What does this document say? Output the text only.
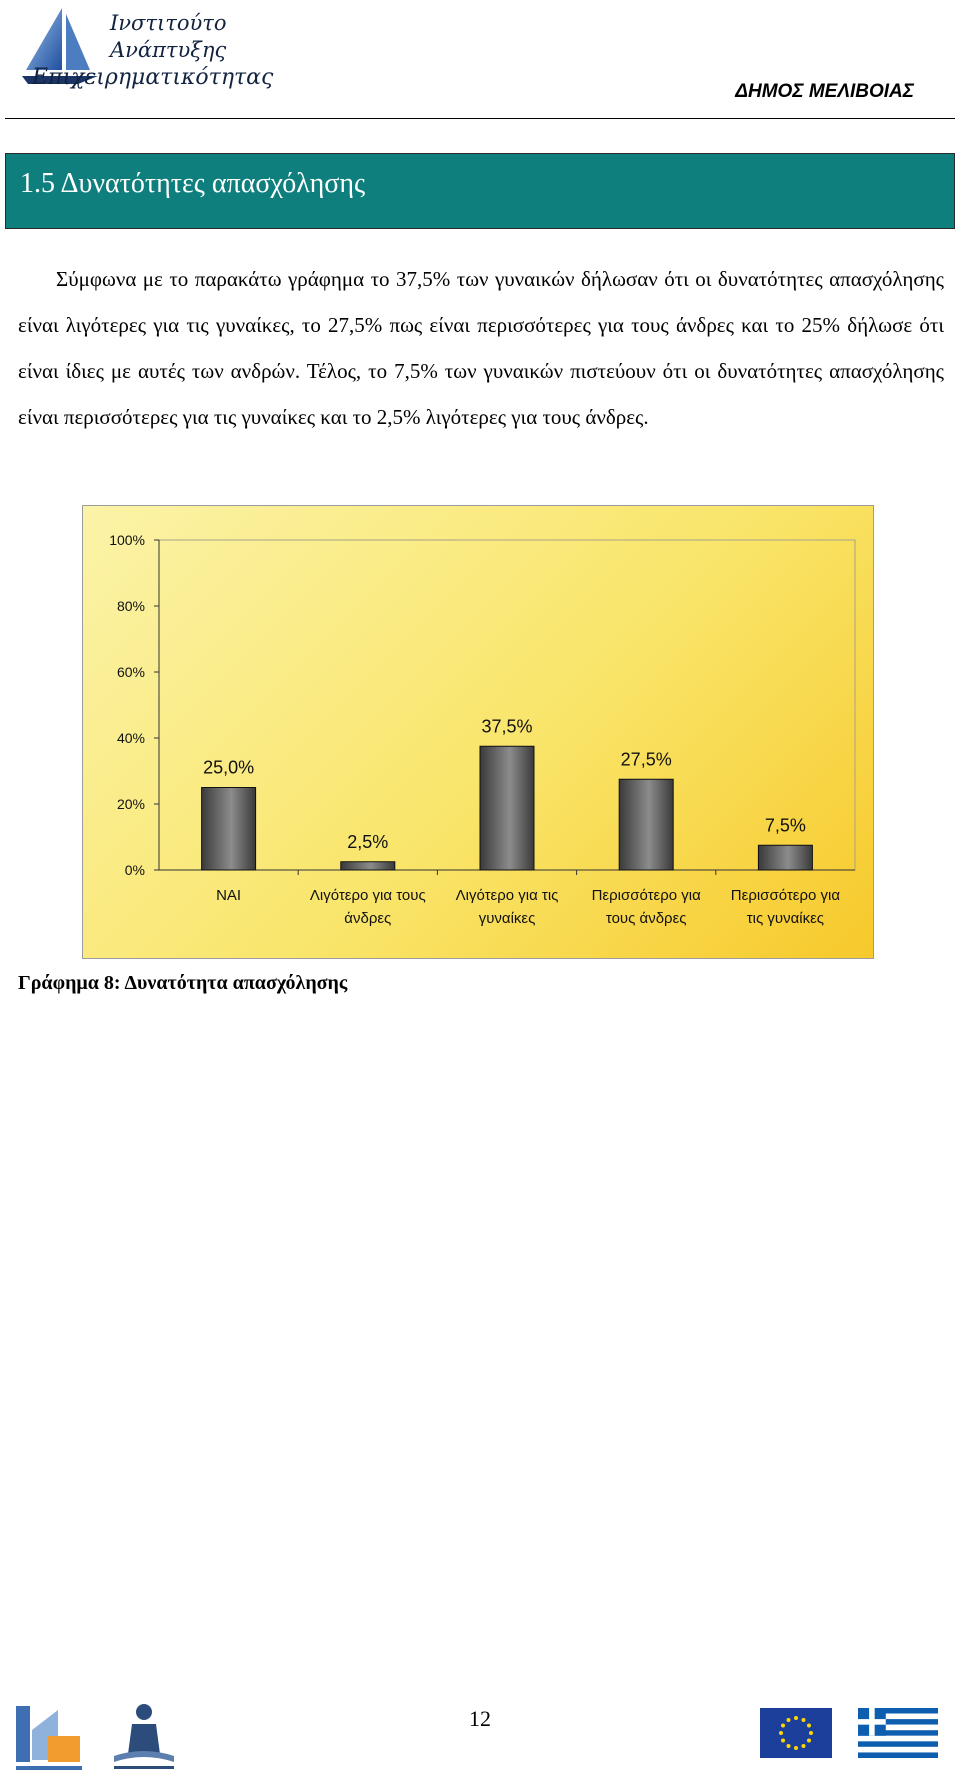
Ινστιτούτο
Ανάπτυξης
Επιχειρηματικότητας
ΔΗΜΟΣ ΜΕΛΙΒΟΙΑΣ
1.5 Δυνατότητες απασχόλησης

Σύμφωνα με το παρακάτω γράφημα το 37,5% των γυναικών δήλωσαν ότι οι δυνατότητες απασχόλησης είναι λιγότερες για τις γυναίκες, το 27,5% πως είναι περισσότερες για τους άνδρες και το 25% δήλωσε ότι είναι ίδιες με αυτές των ανδρών. Τέλος, το 7,5% των γυναικών πιστεύουν ότι οι δυνατότητες απασχόλησης είναι περισσότερες για τις γυναίκες και το 2,5% λιγότερες για τους άνδρες.

0%
20%
40%
60%
80%
100%
25,0%
ΝΑΙ
2,5%
Λιγότερο για τους
άνδρες
37,5%
Λιγότερο για τις
γυναίκες
27,5%
Περισσότερο για
τους άνδρες
7,5%
Περισσότερο για
τις γυναίκες
Γράφημα 8: Δυνατότητα απασχόλησης
12
